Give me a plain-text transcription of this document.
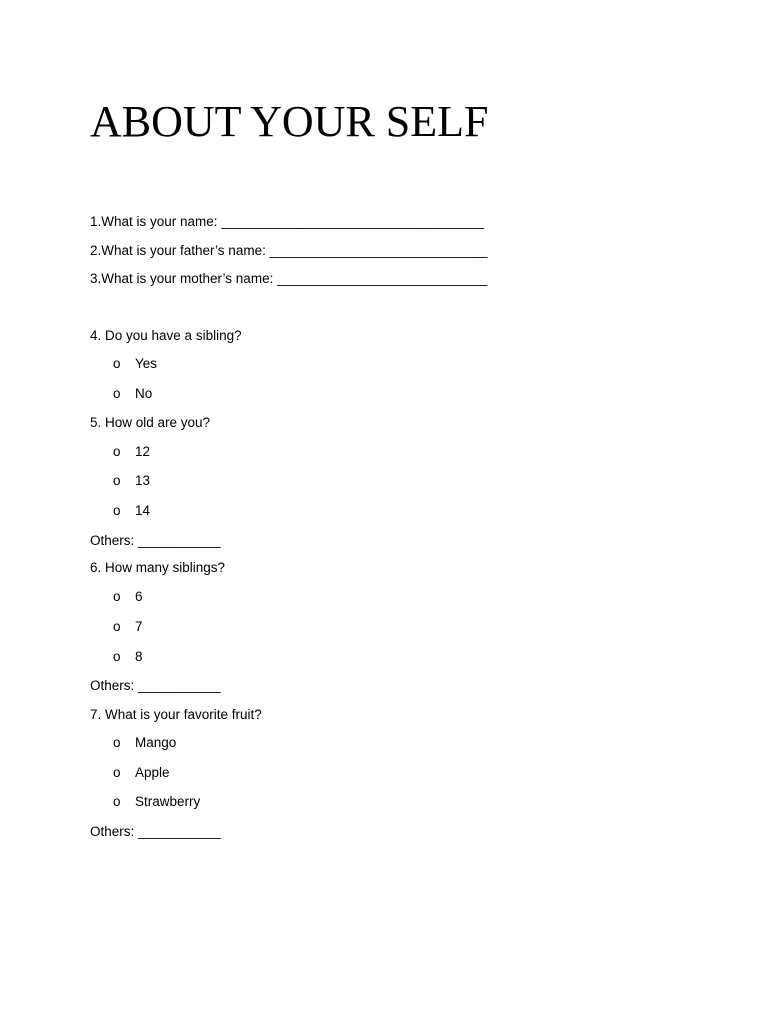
ABOUT YOUR SELF

1.What is your name: ___________________________________

2.What is your father’s name: _____________________________

3.What is your mother’s name: ____________________________

4. Do you have a sibling?

o Yes

o No

5. How old are you?

o 12

o 13

o 14

Others: ___________

6. How many siblings?

o 6

o 7

o 8

Others: ___________

7. What is your favorite fruit?

o Mango

o Apple

o Strawberry

Others: ___________
